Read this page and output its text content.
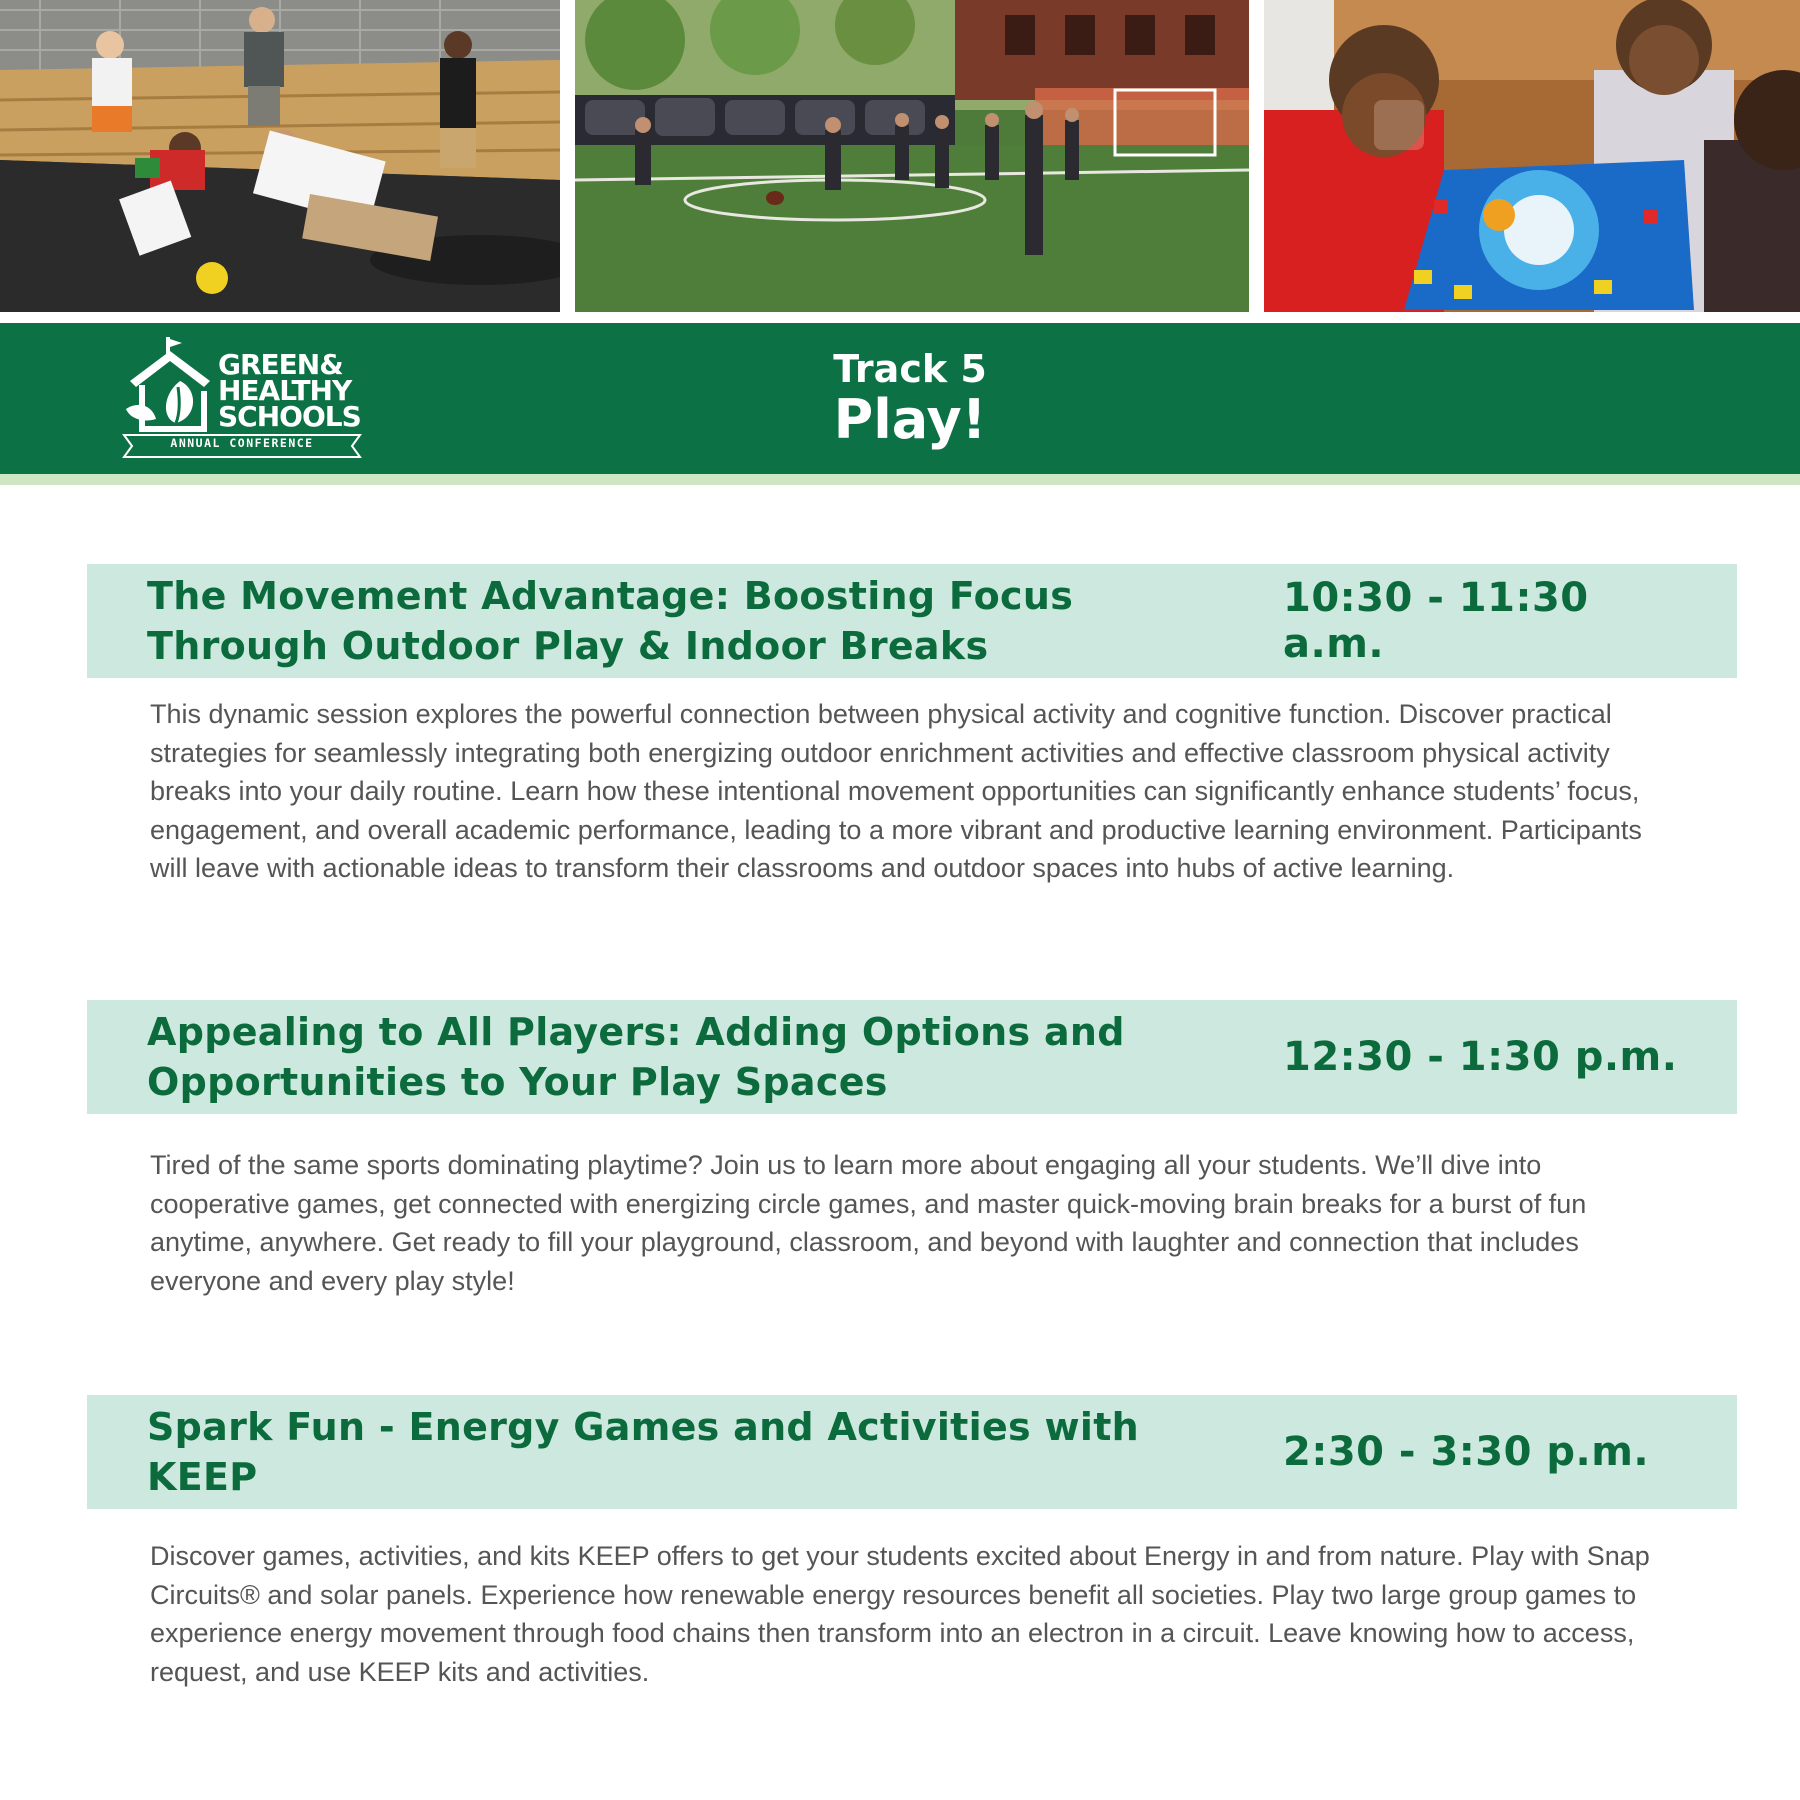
GREEN&
HEALTHY
SCHOOLS
ANNUAL CONFERENCE
Track 5
Play!
The Movement Advantage: Boosting Focus Through Outdoor Play & Indoor Breaks
10:30 - 11:30 a.m.
This dynamic session explores the powerful connection between physical activity and cognitive function. Discover practical strategies for seamlessly integrating both energizing outdoor enrichment activities and effective classroom physical activity breaks into your daily routine. Learn how these intentional movement opportunities can significantly enhance students’ focus, engagement, and overall academic performance, leading to a more vibrant and productive learning environment. Participants will leave with actionable ideas to transform their classrooms and outdoor spaces into hubs of active learning.
Appealing to All Players: Adding Options and Opportunities to Your Play Spaces
12:30 - 1:30 p.m.
Tired of the same sports dominating playtime? Join us to learn more about engaging all your students. We’ll dive into cooperative games, get connected with energizing circle games, and master quick-moving brain breaks for a burst of fun anytime, anywhere. Get ready to fill your playground, classroom, and beyond with laughter and connection that includes everyone and every play style!
Spark Fun - Energy Games and Activities with KEEP
2:30 - 3:30 p.m.
Discover games, activities, and kits KEEP offers to get your students excited about Energy in and from nature. Play with Snap Circuits® and solar panels. Experience how renewable energy resources benefit all societies. Play two large group games to experience energy movement through food chains then transform into an electron in a circuit. Leave knowing how to access, request, and use KEEP kits and activities.
